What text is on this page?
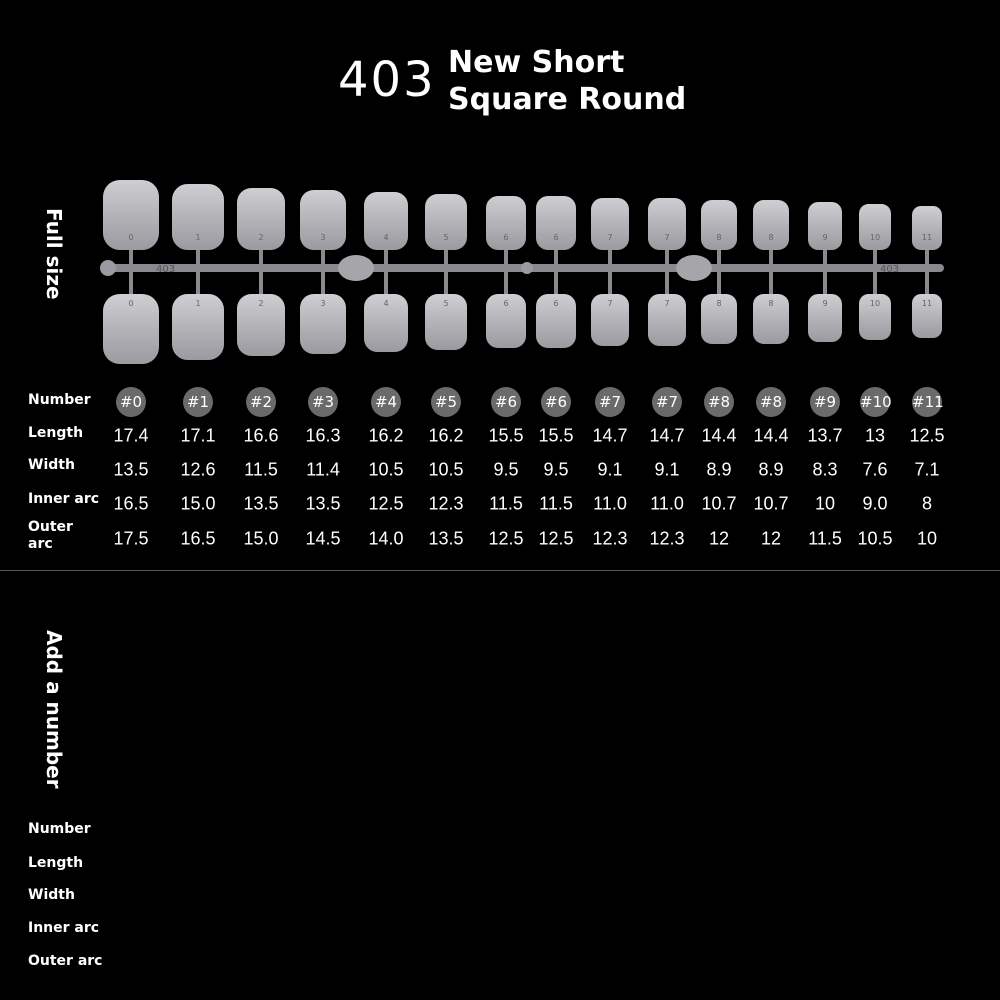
403 New Short
Square Round
Full size
Add a number
403	403
0
0
1
1
2
2
3
3
4
4
5
5
6
6
6
6
7
7
7
7
8
8
8
8
9
9
10
10
11
11
Number
Length
Width
Inner arc
Outer
arc
#0
17.4
13.5
16.5
17.5
#1
17.1
12.6
15.0
16.5
#2
16.6
11.5
13.5
15.0
#3
16.3
11.4
13.5
14.5
#4
16.2
10.5
12.5
14.0
#5
16.2
10.5
12.3
13.5
#6
15.5
9.5
11.5
12.5
#6
15.5
9.5
11.5
12.5
#7
14.7
9.1
11.0
12.3
#7
14.7
9.1
11.0
12.3
#8
14.4
8.9
10.7
12
#8
14.4
8.9
10.7
12
#9
13.7
8.3
10
11.5
#10
13
7.6
9.0
10.5
#11
12.5
7.1
8
10
Number
Length
Width
Inner arc
Outer arc
